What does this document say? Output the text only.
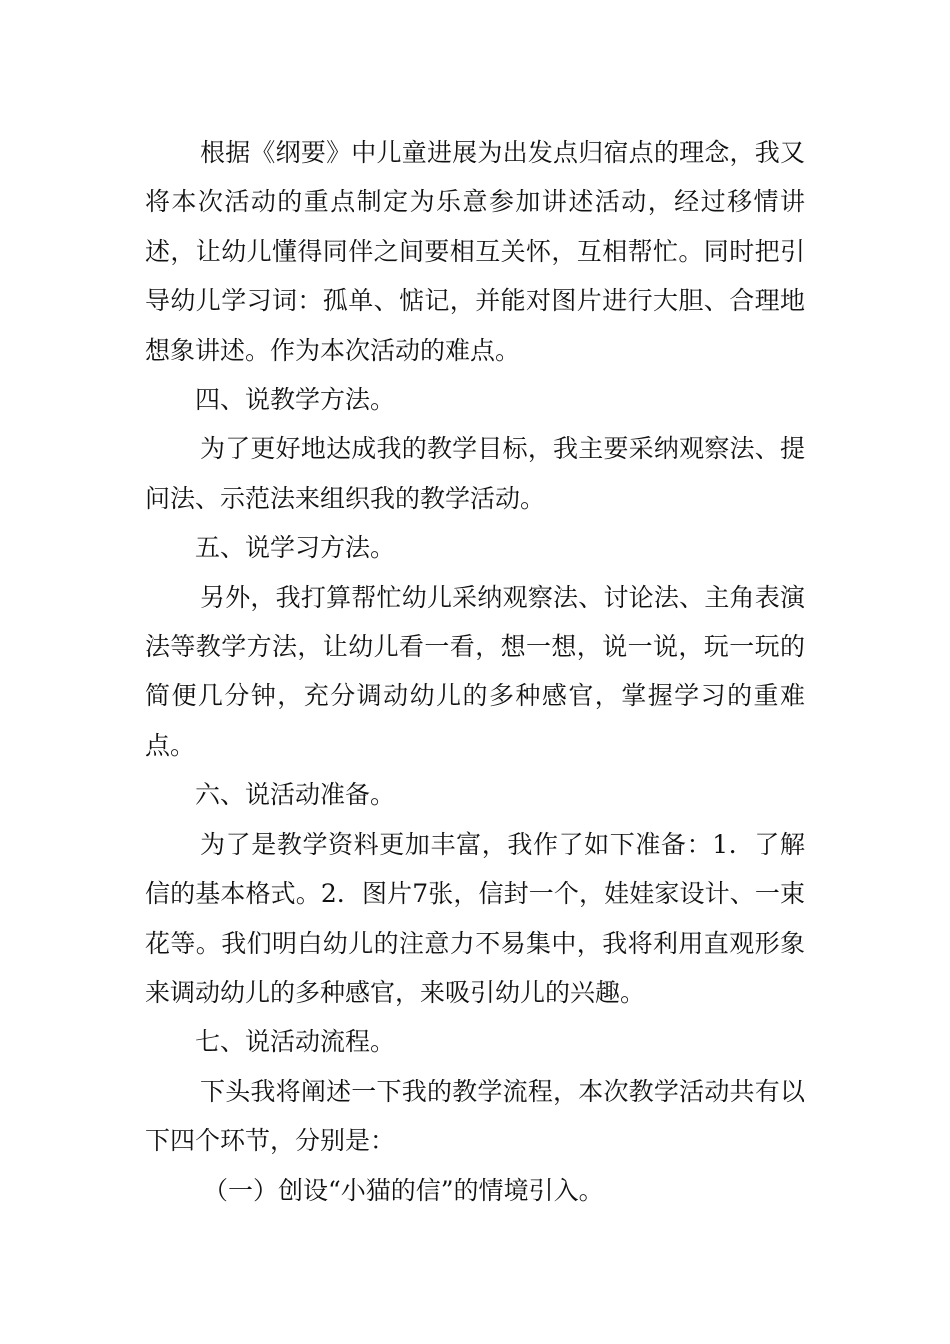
根据《纲要》中儿童进展为出发点归宿点的理念，我又将本次活动的重点制定为乐意参加讲述活动，经过移情讲述，让幼儿懂得同伴之间要相互关怀，互相帮忙。同时把引导幼儿学习词：孤单、惦记，并能对图片进行大胆、合理地想象讲述。作为本次活动的难点。

四、说教学方法。

为了更好地达成我的教学目标，我主要采纳观察法、提问法、示范法来组织我的教学活动。

五、说学习方法。

另外，我打算帮忙幼儿采纳观察法、讨论法、主角表演法等教学方法，让幼儿看一看，想一想，说一说，玩一玩的简便几分钟，充分调动幼儿的多种感官，掌握学习的重难点。

六、说活动准备。

为了是教学资料更加丰富，我作了如下准备：1．了解信的基本格式。2．图片7张，信封一个，娃娃家设计、一束花等。我们明白幼儿的注意力不易集中，我将利用直观形象来调动幼儿的多种感官，来吸引幼儿的兴趣。

七、说活动流程。

下头我将阐述一下我的教学流程，本次教学活动共有以下四个环节，分别是：

（一）创设“小猫的信”的情境引入。
